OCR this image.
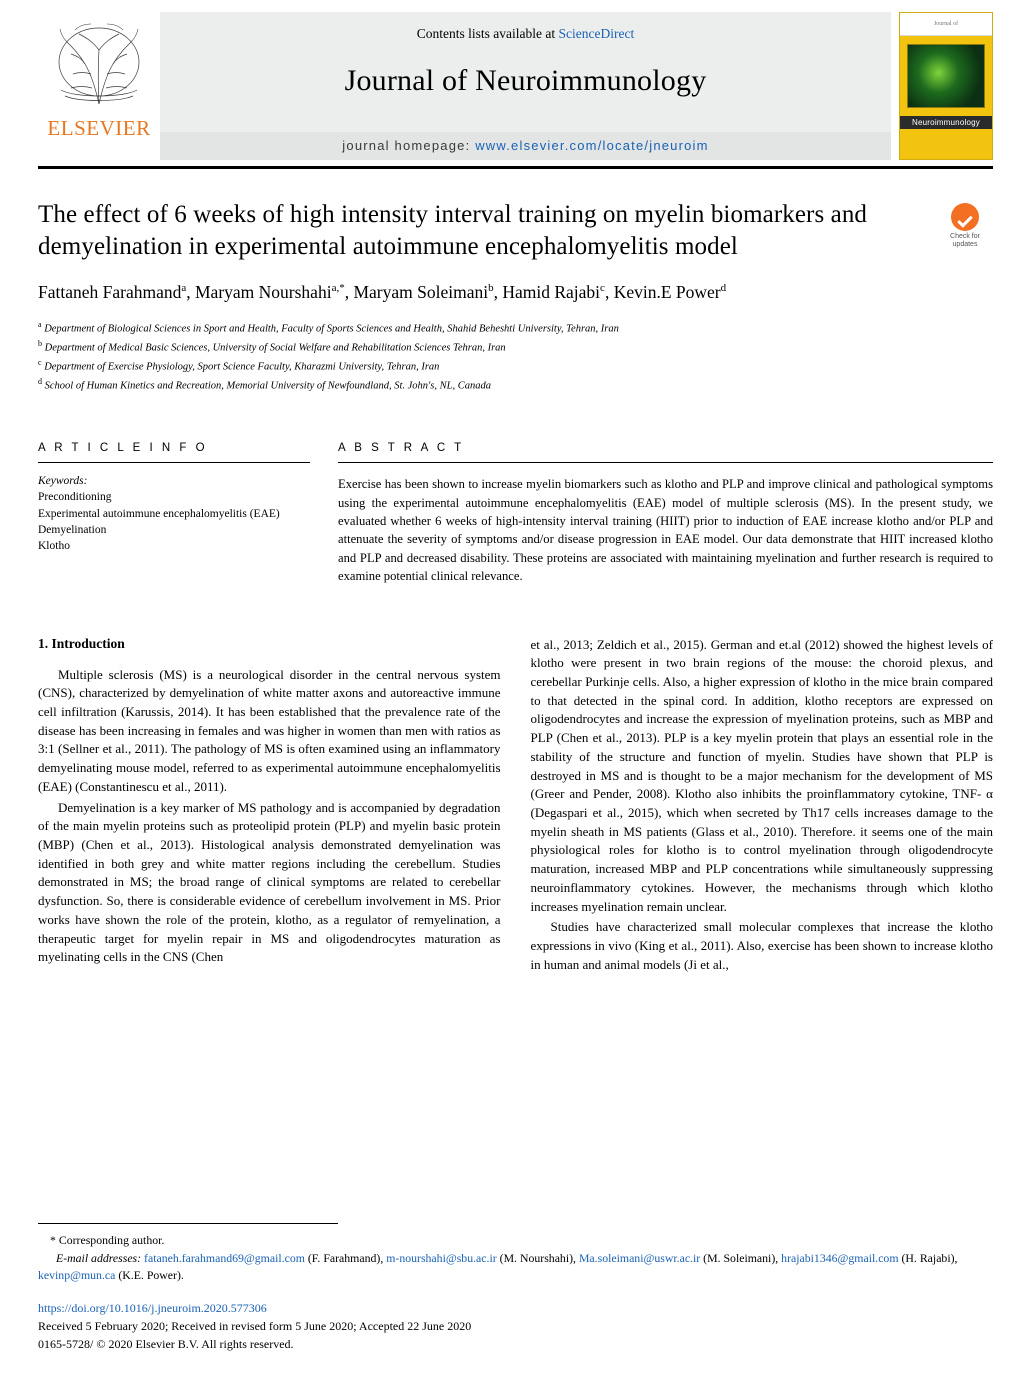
ELSEVIER
Contents lists available at ScienceDirect
Journal of Neuroimmunology
journal homepage: www.elsevier.com/locate/jneuroim
Journal of
Neuroimmunology
The effect of 6 weeks of high intensity interval training on myelin biomarkers and demyelination in experimental autoimmune encephalomyelitis model	Check for updates
Fattaneh Farahmand$^a$, Maryam Nourshahi$^{a,*}$, Maryam Soleimani$^b$, Hamid Rajabi$^c$, Kevin.E Power$^d$
$^a$ Department of Biological Sciences in Sport and Health, Faculty of Sports Sciences and Health, Shahid Beheshti University, Tehran, Iran
$^b$ Department of Medical Basic Sciences, University of Social Welfare and Rehabilitation Sciences Tehran, Iran
$^c$ Department of Exercise Physiology, Sport Science Faculty, Kharazmi University, Tehran, Iran
$^d$ School of Human Kinetics and Recreation, Memorial University of Newfoundland, St. John's, NL, Canada
A R T I C L E I N F O
Keywords:
Preconditioning
Experimental autoimmune encephalomyelitis (EAE)
Demyelination
Klotho
A B S T R A C T
Exercise has been shown to increase myelin biomarkers such as klotho and PLP and improve clinical and pathological symptoms using the experimental autoimmune encephalomyelitis (EAE) model of multiple sclerosis (MS). In the present study, we evaluated whether 6 weeks of high-intensity interval training (HIIT) prior to induction of EAE increase klotho and/or PLP and attenuate the severity of symptoms and/or disease progression in EAE model. Our data demonstrate that HIIT increased klotho and PLP and decreased disability. These proteins are associated with maintaining myelination and further research is required to examine potential clinical relevance.
1. Introduction

Multiple sclerosis (MS) is a neurological disorder in the central nervous system (CNS), characterized by demyelination of white matter axons and autoreactive immune cell infiltration (Karussis, 2014). It has been established that the prevalence rate of the disease has been increasing in females and was higher in women than men with ratios as 3:1 (Sellner et al., 2011). The pathology of MS is often examined using an inflammatory demyelinating mouse model, referred to as experimental autoimmune encephalomyelitis (EAE) (Constantinescu et al., 2011).

Demyelination is a key marker of MS pathology and is accompanied by degradation of the main myelin proteins such as proteolipid protein (PLP) and myelin basic protein (MBP) (Chen et al., 2013). Histological analysis demonstrated demyelination was identified in both grey and white matter regions including the cerebellum. Studies demonstrated in MS; the broad range of clinical symptoms are related to cerebellar dysfunction. So, there is considerable evidence of cerebellum involvement in MS. Prior works have shown the role of the protein, klotho, as a regulator of remyelination, a therapeutic target for myelin repair in MS and oligodendrocytes maturation as myelinating cells in the CNS (Chen

et al., 2013; Zeldich et al., 2015). German and et.al (2012) showed the highest levels of klotho were present in two brain regions of the mouse: the choroid plexus, and cerebellar Purkinje cells. Also, a higher expression of klotho in the mice brain compared to that detected in the spinal cord. In addition, klotho receptors are expressed on oligodendrocytes and increase the expression of myelination proteins, such as MBP and PLP (Chen et al., 2013). PLP is a key myelin protein that plays an essential role in the stability of the structure and function of myelin. Studies have shown that PLP is destroyed in MS and is thought to be a major mechanism for the development of MS (Greer and Pender, 2008). Klotho also inhibits the proinflammatory cytokine, TNF- α (Degaspari et al., 2015), which when secreted by Th17 cells increases damage to the myelin sheath in MS patients (Glass et al., 2010). Therefore. it seems one of the main physiological roles for klotho is to control myelination through oligodendrocyte maturation, increased MBP and PLP concentrations while simultaneously suppressing neuroinflammatory cytokines. However, the mechanisms through which klotho increases myelination remain unclear.

Studies have characterized small molecular complexes that increase the klotho expressions in vivo (King et al., 2011). Also, exercise has been shown to increase klotho in human and animal models (Ji et al.,

* Corresponding author.
E-mail addresses: fataneh.farahmand69@gmail.com (F. Farahmand), m-nourshahi@sbu.ac.ir (M. Nourshahi), Ma.soleimani@uswr.ac.ir (M. Soleimani), hrajabi1346@gmail.com (H. Rajabi), kevinp@mun.ca (K.E. Power).
https://doi.org/10.1016/j.jneuroim.2020.577306
Received 5 February 2020; Received in revised form 5 June 2020; Accepted 22 June 2020
0165-5728/ © 2020 Elsevier B.V. All rights reserved.
